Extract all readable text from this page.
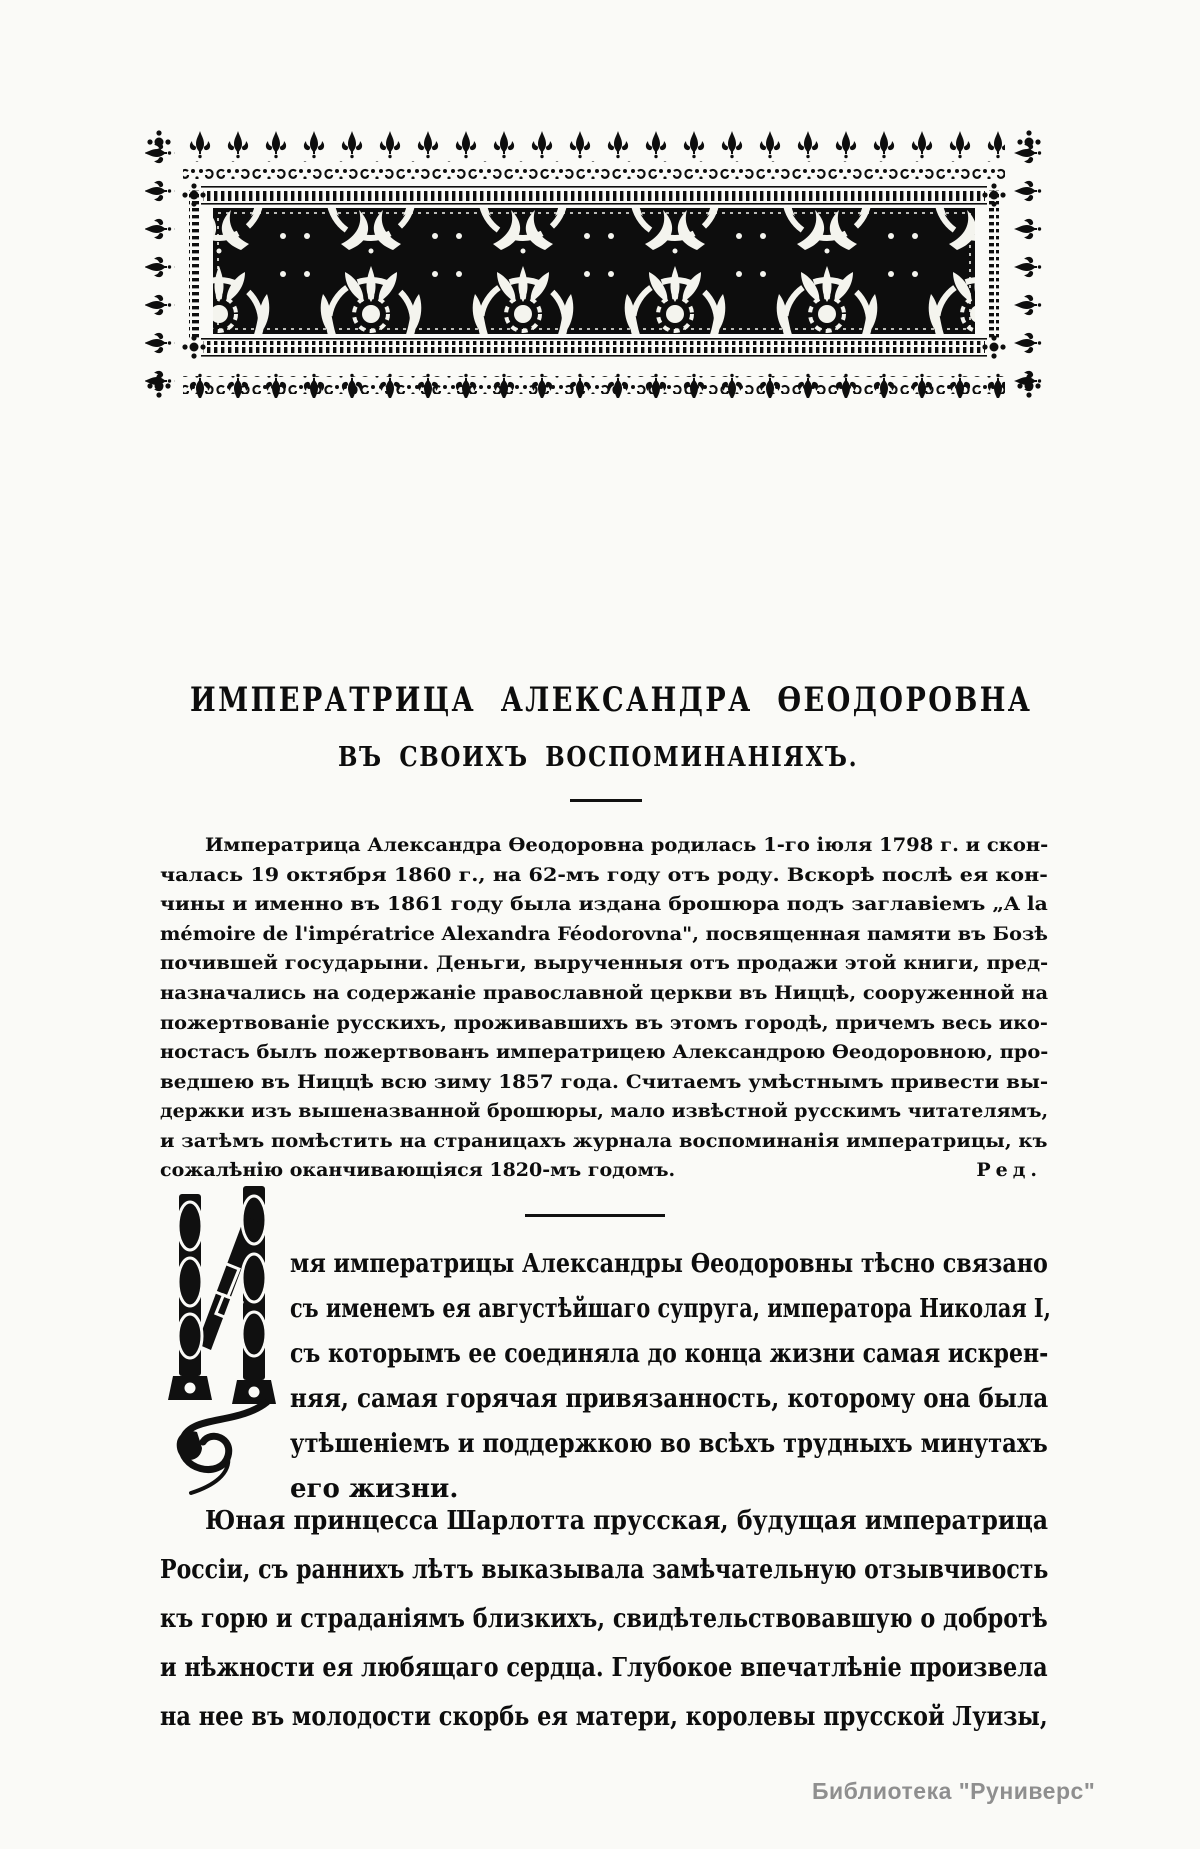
ИМПЕРАТРИЦА АЛЕКСАНДРА ѲЕОДОРОВНА
ВЪ СВОИХЪ ВОСПОМИНАНІЯХЪ.
Императрица Александра Ѳеодоровна родилась 1-го іюля 1798 г. и скон-
чалась 19 октября 1860 г., на 62-мъ году отъ роду. Вскорѣ послѣ ея кон-
чины и именно въ 1861 году была издана брошюра подъ заглавіемъ „A la
mémoire de l'impératrice Alexandra Féodorovna", посвященная памяти въ Бозѣ
почившей государыни. Деньги, вырученныя отъ продажи этой книги, пред-
назначались на содержаніе православной церкви въ Ниццѣ, сооруженной на
пожертвованіе русскихъ, проживавшихъ въ этомъ городѣ, причемъ весь ико-
ностасъ былъ пожертвованъ императрицею Александрою Ѳеодоровною, про-
ведшею въ Ниццѣ всю зиму 1857 года. Считаемъ умѣстнымъ привести вы-
держки изъ вышеназванной брошюры, мало извѣстной русскимъ читателямъ,
и затѣмъ помѣстить на страницахъ журнала воспоминанія императрицы, къ
сожалѣнію оканчивающіяся 1820-мъ годомъ.	Ред.
мя императрицы Александры Ѳеодоровны тѣсно связано
съ именемъ ея августѣйшаго супруга, императора Николая I,
съ которымъ ее соединяла до конца жизни самая искрен-
няя, самая горячая привязанность, которому она была
утѣшеніемъ и поддержкою во всѣхъ трудныхъ минутахъ
его жизни.
Юная принцесса Шарлотта прусская, будущая императрица
Россіи, съ раннихъ лѣтъ выказывала замѣчательную отзывчивость
къ горю и страданіямъ близкихъ, свидѣтельствовавшую о добротѣ
и нѣжности ея любящаго сердца. Глубокое впечатлѣніе произвела
на нее въ молодости скорбь ея матери, королевы прусской Луизы,
Библиотека "Руниверс"
